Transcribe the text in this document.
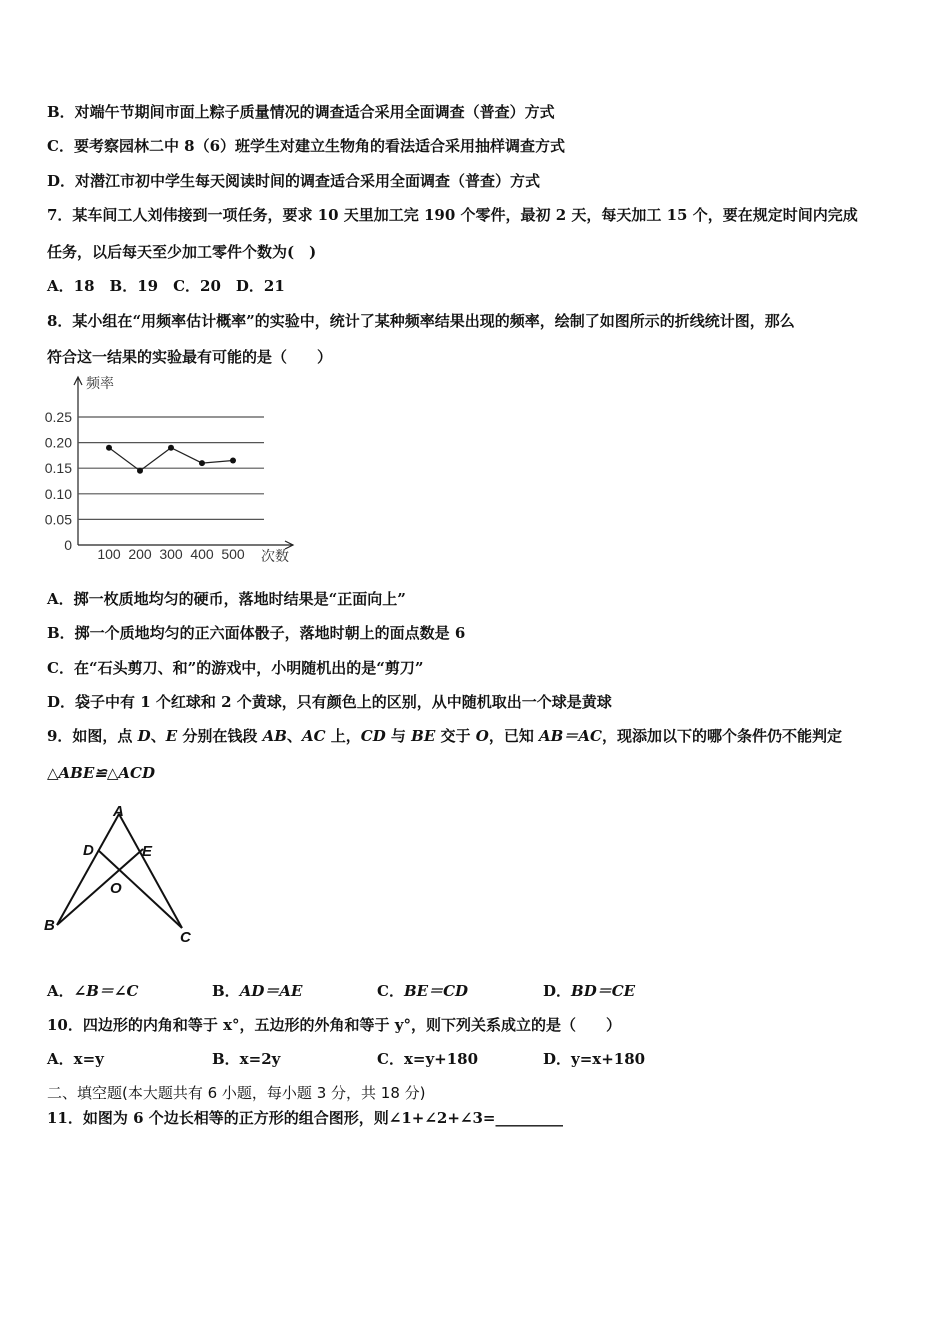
B．对端午节期间市面上粽子质量情况的调查适合采用全面调查（普查）方式
C．要考察园林二中 8（6）班学生对建立生物角的看法适合采用抽样调查方式
D．对潜江市初中学生每天阅读时间的调查适合采用全面调查（普查）方式
7．某车间工人刘伟接到一项任务，要求 10 天里加工完 190 个零件，最初 2 天，每天加工 15 个，要在规定时间内完成
任务，以后每天至少加工零件个数为(　)
A．18　B．19　C．20　D．21
8．某小组在“用频率估计概率”的实验中，统计了某种频率结果出现的频率，绘制了如图所示的折线统计图，那么
符合这一结果的实验最有可能的是（　　）
0.25
0.20
0.15
0.10
0.05
0
100 200 300 400 500
频率
次数
A．掷一枚质地均匀的硬币，落地时结果是“正面向上”
B．掷一个质地均匀的正六面体骰子，落地时朝上的面点数是 6
C．在“石头剪刀、和”的游戏中，小明随机出的是“剪刀”
D．袋子中有 1 个红球和 2 个黄球，只有颜色上的区别，从中随机取出一个球是黄球
9．如图，点 D、E 分别在钱段 AB、AC 上，CD 与 BE 交于 O，已知 AB＝AC，现添加以下的哪个条件仍不能判定
△ABE≌△ACD
A
D	E
O
B
C
A．∠B＝∠C	B．AD＝AE	C．BE＝CD	D．BD＝CE
10．四边形的内角和等于 x°，五边形的外角和等于 y°，则下列关系成立的是（　　）
A．x=y	B．x=2y	C．x=y+180	D．y=x+180
二、填空题(本大题共有 6 小题，每小题 3 分，共 18 分)
11．如图为 6 个边长相等的正方形的组合图形，则∠1+∠2+∠3=_________
